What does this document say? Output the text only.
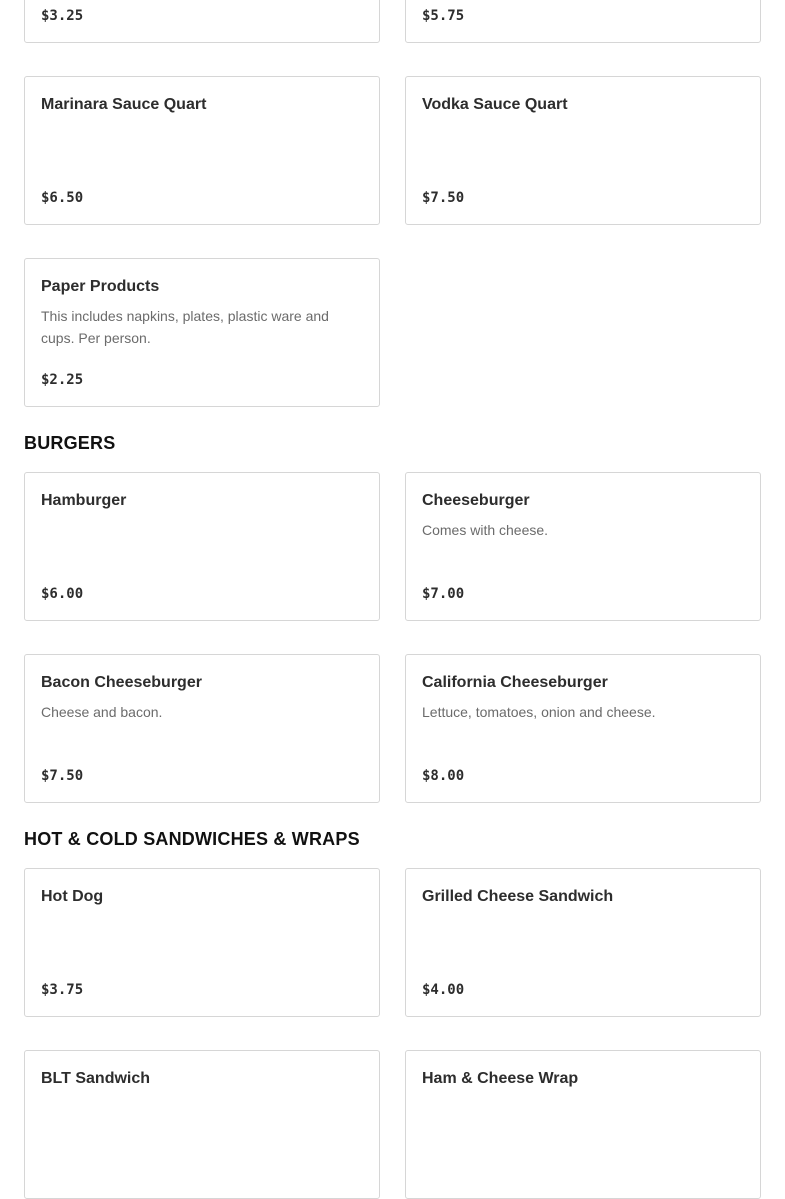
$3.25	$5.75
Marinara Sauce Quart
$6.50
Vodka Sauce Quart
$7.50
Paper Products
This includes napkins, plates, plastic ware and cups. Per person.
$2.25
BURGERS
Hamburger
$6.00
Cheeseburger
Comes with cheese.
$7.00
Bacon Cheeseburger
Cheese and bacon.
$7.50
California Cheeseburger
Lettuce, tomatoes, onion and cheese.
$8.00
HOT & COLD SANDWICHES & WRAPS
Hot Dog
$3.75
Grilled Cheese Sandwich
$4.00
BLT Sandwich	Ham & Cheese Wrap
